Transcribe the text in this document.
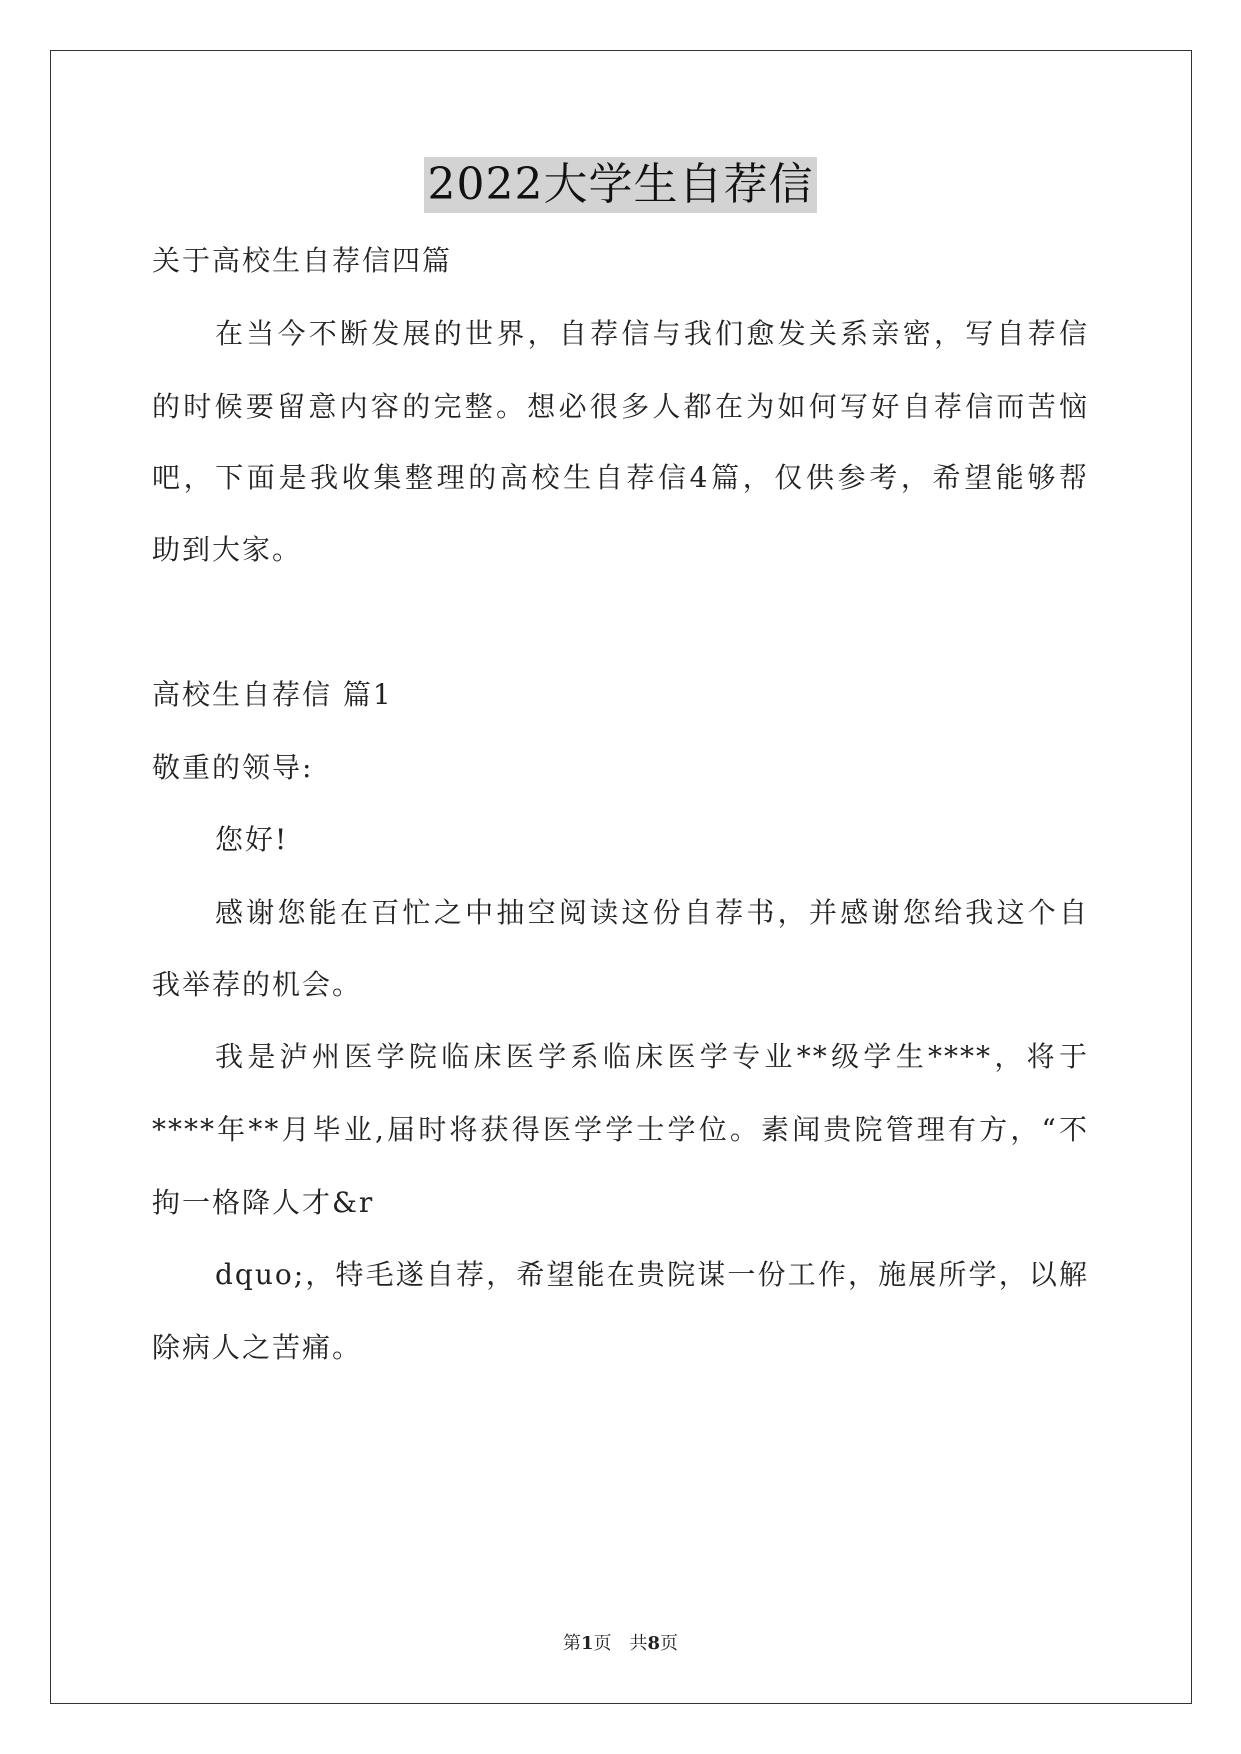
2022大学生自荐信
关于高校生自荐信四篇
在当今不断发展的世界，自荐信与我们愈发关系亲密，写自荐信
的时候要留意内容的完整。想必很多人都在为如何写好自荐信而苦恼
吧，下面是我收集整理的高校生自荐信4篇，仅供参考，希望能够帮
助到大家。
高校生自荐信 篇1
敬重的领导:
您好!
感谢您能在百忙之中抽空阅读这份自荐书，并感谢您给我这个自
我举荐的机会。
我是泸州医学院临床医学系临床医学专业**级学生****，将于
****年**月毕业,届时将获得医学学士学位。素闻贵院管理有方，“不
拘一格降人才&r
dquo;，特毛遂自荐，希望能在贵院谋一份工作，施展所学，以解
除病人之苦痛。
第1页 共8页
